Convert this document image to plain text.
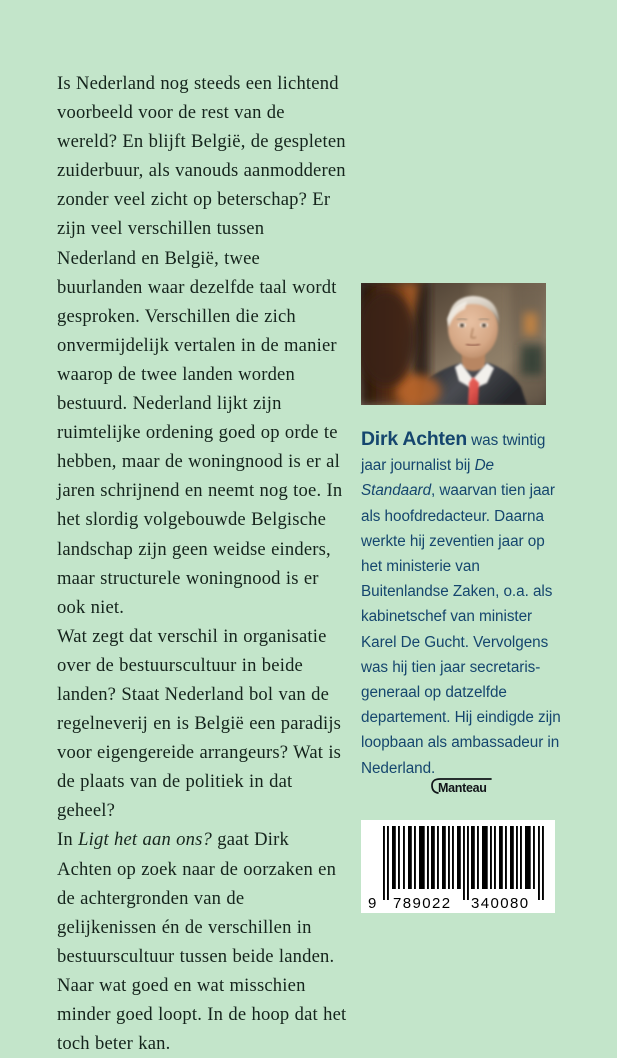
Is Nederland nog steeds een lichtend voorbeeld voor de rest van de wereld? En blijft België, de gespleten zuiderbuur, als vanouds aanmodderen zonder veel zicht op beterschap? Er zijn veel verschillen tussen Nederland en België, twee buurlanden waar dezelfde taal wordt gesproken. Verschillen die zich onvermijdelijk vertalen in de manier waarop de twee landen worden bestuurd. Nederland lijkt zijn ruimtelijke ordening goed op orde te hebben, maar de woningnood is er al jaren schrijnend en neemt nog toe. In het slordig volgebouwde Belgische landschap zijn geen weidse einders, maar structurele woningnood is er ook niet.

Wat zegt dat verschil in organisatie over de bestuurscultuur in beide landen? Staat Nederland bol van de regelneverij en is België een paradijs voor eigengereide arrangeurs? Wat is de plaats van de politiek in dat geheel?

In Ligt het aan ons? gaat Dirk Achten op zoek naar de oorzaken en de achtergronden van de gelijkenissen én de verschillen in bestuurscultuur tussen beide landen. Naar wat goed en wat misschien minder goed loopt. In de hoop dat het toch beter kan.

Dirk Achten was twintig jaar journalist bij De Standaard, waarvan tien jaar als hoofdredacteur. Daarna werkte hij zeventien jaar op het ministerie van Buitenlandse Zaken, o.a. als kabinetschef van minister Karel De Gucht. Vervolgens was hij tien jaar secretaris-generaal op datzelfde departement. Hij eindigde zijn loopbaan als ambassadeur in Nederland.

Manteau
9 789022 340080
